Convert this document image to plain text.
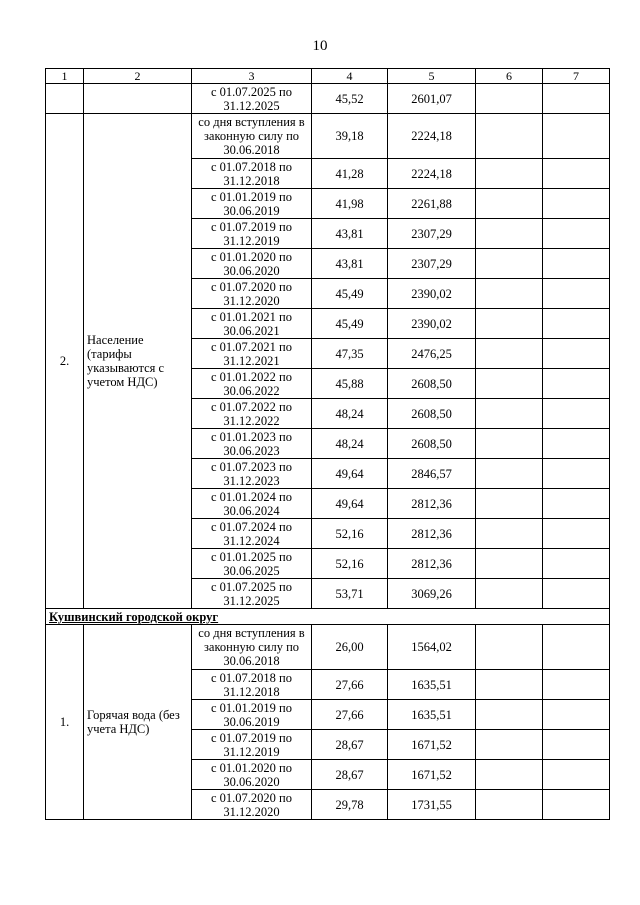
10
1	2	3	4	5	6	7
		с 01.07.2025 по 31.12.2025	45,52	2601,07		
2.	Население (тарифы указываются с учетом НДС)	со дня вступления в законную силу по 30.06.2018	39,18	2224,18		
		с 01.07.2018 по 31.12.2018	41,28	2224,18		
		с 01.01.2019 по 30.06.2019	41,98	2261,88		
		с 01.07.2019 по 31.12.2019	43,81	2307,29		
		с 01.01.2020 по 30.06.2020	43,81	2307,29		
		с 01.07.2020 по 31.12.2020	45,49	2390,02		
		с 01.01.2021 по 30.06.2021	45,49	2390,02		
		с 01.07.2021 по 31.12.2021	47,35	2476,25		
		с 01.01.2022 по 30.06.2022	45,88	2608,50		
		с 01.07.2022 по 31.12.2022	48,24	2608,50		
		с 01.01.2023 по 30.06.2023	48,24	2608,50		
		с 01.07.2023 по 31.12.2023	49,64	2846,57		
		с 01.01.2024 по 30.06.2024	49,64	2812,36		
		с 01.07.2024 по 31.12.2024	52,16	2812,36		
		с 01.01.2025 по 30.06.2025	52,16	2812,36		
		с 01.07.2025 по 31.12.2025	53,71	3069,26		
Кушвинский городской округ						
1.	Горячая вода (без учета НДС)	со дня вступления в законную силу по 30.06.2018	26,00	1564,02		
		с 01.07.2018 по 31.12.2018	27,66	1635,51		
		с 01.01.2019 по 30.06.2019	27,66	1635,51		
		с 01.07.2019 по 31.12.2019	28,67	1671,52		
		с 01.01.2020 по 30.06.2020	28,67	1671,52		
		с 01.07.2020 по 31.12.2020	29,78	1731,55		
